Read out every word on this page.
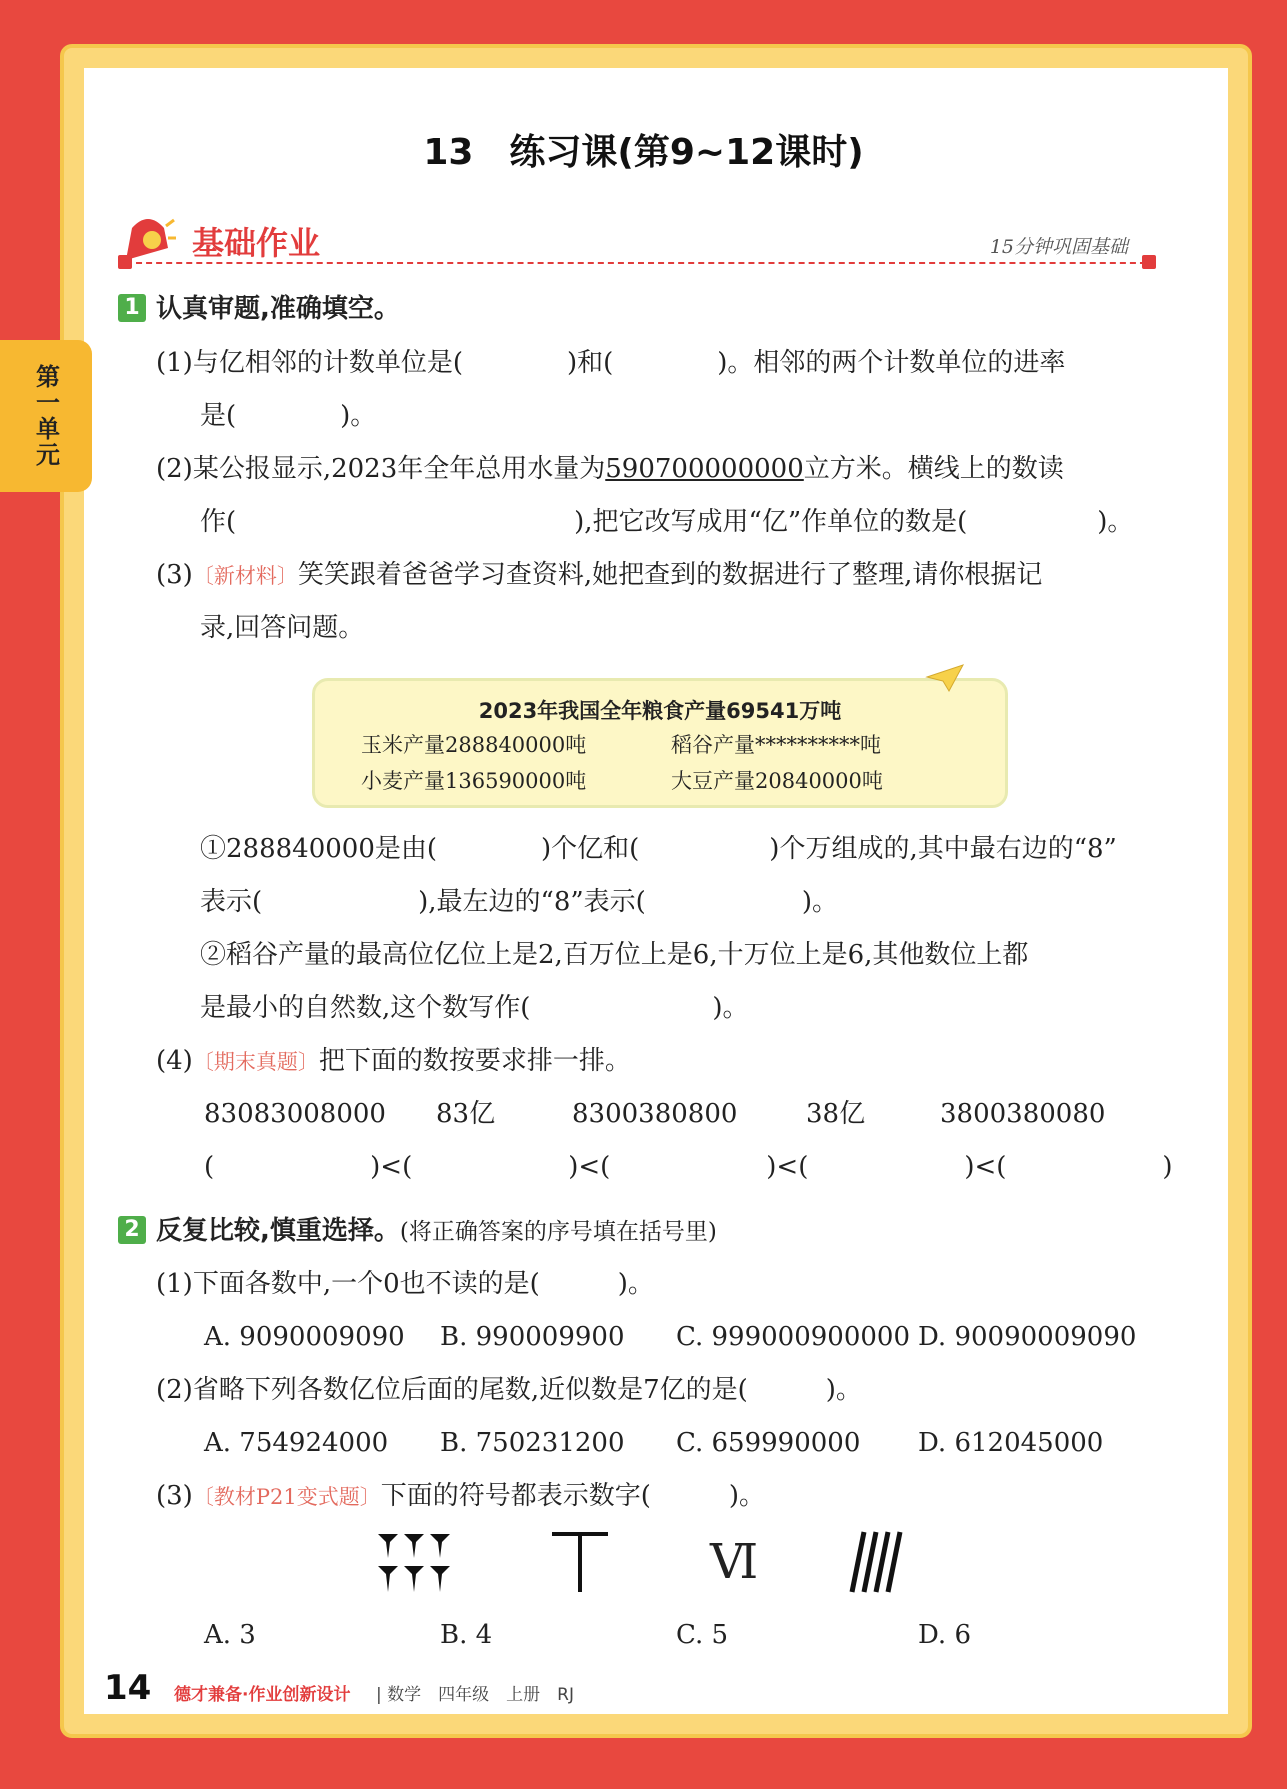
第一单元
13　练习课(第9~12课时)
基础作业	15分钟巩固基础
1 认真审题,准确填空。
(1)与亿相邻的计数单位是(　　　　)和(　　　　)。相邻的两个计数单位的进率
是(　　　　)。
(2)某公报显示,2023年全年总用水量为590700000000立方米。横线上的数读
作(　　　　　　　　　　　　　),把它改写成用“亿”作单位的数是(　　　　　)。
(3)〔新材料〕笑笑跟着爸爸学习查资料,她把查到的数据进行了整理,请你根据记
录,回答问题。
2023年我国全年粮食产量69541万吨
玉米产量288840000吨	稻谷产量**********吨
小麦产量136590000吨	大豆产量20840000吨
①288840000是由(　　　　)个亿和(　　　　　)个万组成的,其中最右边的“8”
表示(　　　　　　),最左边的“8”表示(　　　　　　)。
②稻谷产量的最高位亿位上是2,百万位上是6,十万位上是6,其他数位上都
是最小的自然数,这个数写作(　　　　　　　)。
(4)〔期末真题〕把下面的数按要求排一排。
83083008000 83亿	8300380800	38亿	3800380080
(　　　　　　)<(　　　　　　)<(　　　　　　)<(　　　　　　)<(　　　　　　)
2 反复比较,慎重选择。(将正确答案的序号填在括号里)
(1)下面各数中,一个0也不读的是(　　　)。
A. 9090009090 B. 990009900 C. 999000900000 D. 90090009090
(2)省略下列各数亿位后面的尾数,近似数是7亿的是(　　　)。
A. 754924000 B. 750231200 C. 659990000 D. 612045000
(3)〔教材P21变式题〕下面的符号都表示数字(　　　)。
Ⅵ
A. 3	B. 4	C. 5	D. 6
14 德才兼备·作业创新设计 | 数学　四年级　上册　RJ
